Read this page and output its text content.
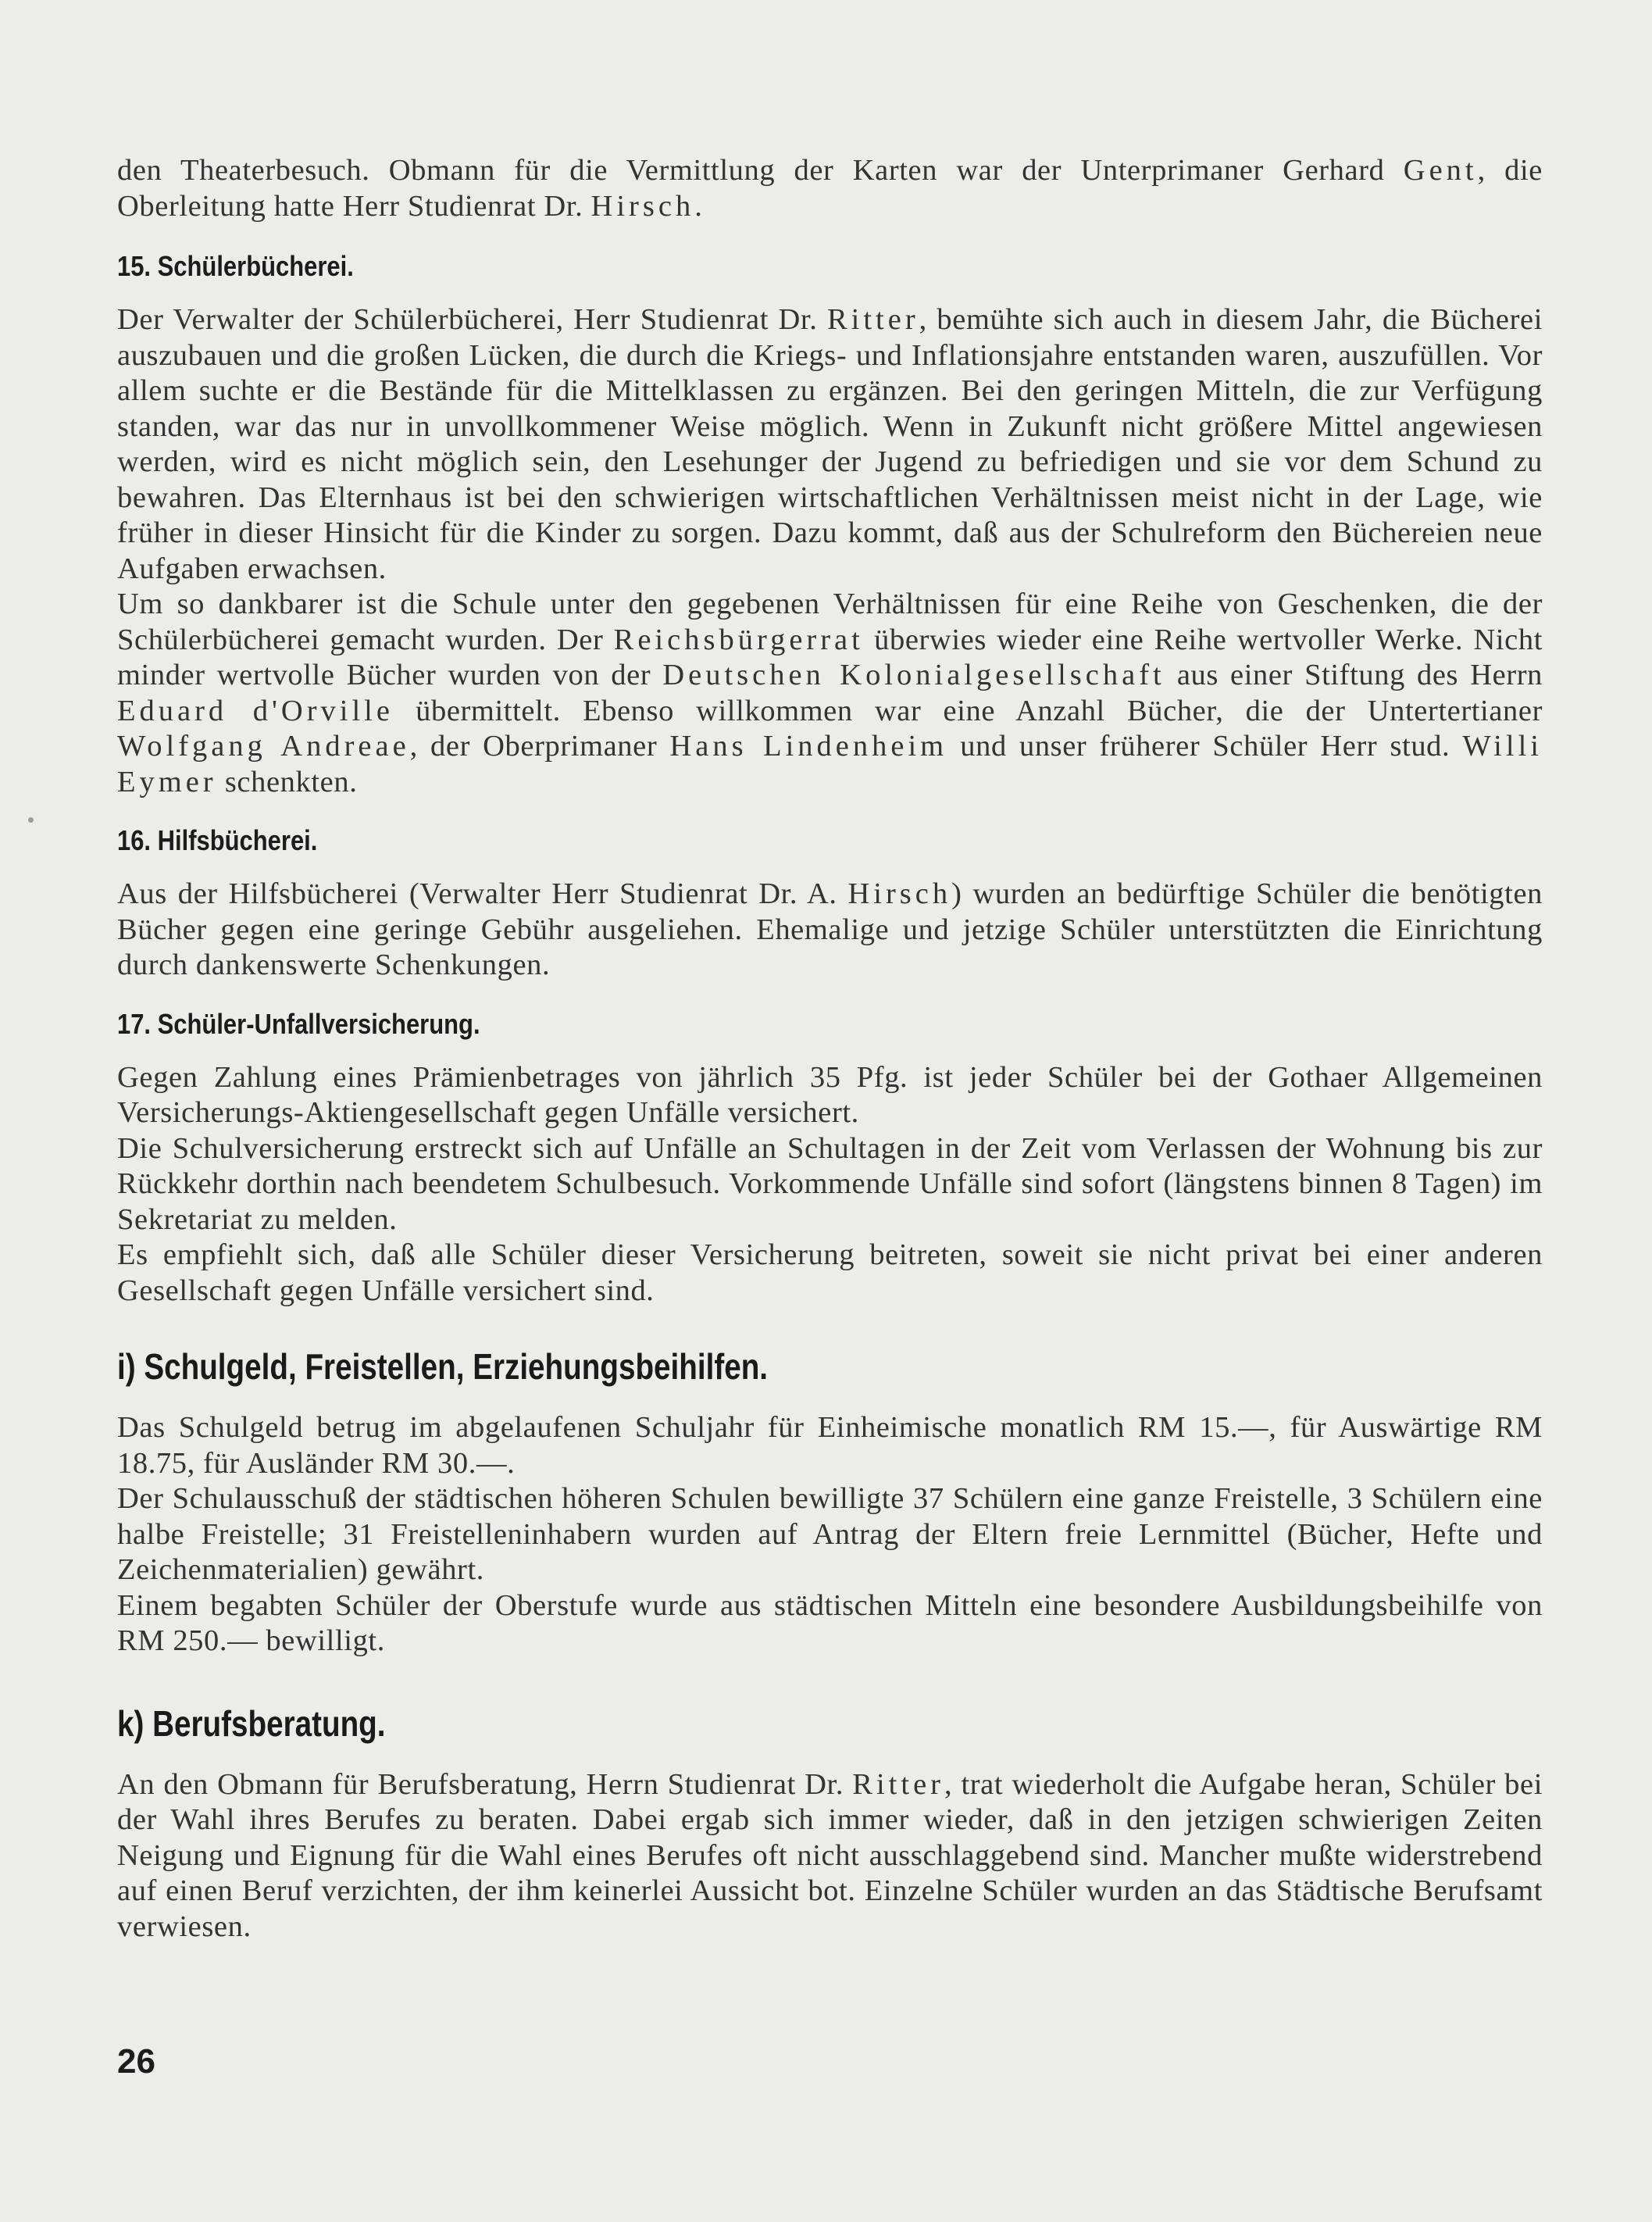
den Theaterbesuch. Obmann für die Vermittlung der Karten war der Unterprimaner Gerhard Gent, die Oberleitung hatte Herr Studienrat Dr. Hirsch.

15. Schülerbücherei.

Der Verwalter der Schülerbücherei, Herr Studienrat Dr. Ritter, bemühte sich auch in diesem Jahr, die Bücherei auszubauen und die großen Lücken, die durch die Kriegs- und Inflationsjahre entstanden waren, auszufüllen. Vor allem suchte er die Bestände für die Mittelklassen zu ergänzen. Bei den geringen Mitteln, die zur Verfügung standen, war das nur in unvollkommener Weise möglich. Wenn in Zukunft nicht größere Mittel angewiesen werden, wird es nicht möglich sein, den Lesehunger der Jugend zu befriedigen und sie vor dem Schund zu bewahren. Das Elternhaus ist bei den schwierigen wirtschaftlichen Verhältnissen meist nicht in der Lage, wie früher in dieser Hinsicht für die Kinder zu sorgen. Dazu kommt, daß aus der Schulreform den Büchereien neue Aufgaben erwachsen.

Um so dankbarer ist die Schule unter den gegebenen Verhältnissen für eine Reihe von Geschenken, die der Schülerbücherei gemacht wurden. Der Reichsbürgerrat überwies wieder eine Reihe wertvoller Werke. Nicht minder wertvolle Bücher wurden von der Deutschen Kolonialgesellschaft aus einer Stiftung des Herrn Eduard d'Orville übermittelt. Ebenso willkommen war eine Anzahl Bücher, die der Untertertianer Wolfgang Andreae, der Oberprimaner Hans Lindenheim und unser früherer Schüler Herr stud. Willi Eymer schenkten.

16. Hilfsbücherei.

Aus der Hilfsbücherei (Verwalter Herr Studienrat Dr. A. Hirsch) wurden an bedürftige Schüler die benötigten Bücher gegen eine geringe Gebühr ausgeliehen. Ehemalige und jetzige Schüler unterstützten die Einrichtung durch dankenswerte Schenkungen.

17. Schüler-Unfallversicherung.

Gegen Zahlung eines Prämienbetrages von jährlich 35 Pfg. ist jeder Schüler bei der Gothaer Allgemeinen Versicherungs-Aktiengesellschaft gegen Unfälle versichert.

Die Schulversicherung erstreckt sich auf Unfälle an Schultagen in der Zeit vom Verlassen der Wohnung bis zur Rückkehr dorthin nach beendetem Schulbesuch. Vorkommende Unfälle sind sofort (längstens binnen 8 Tagen) im Sekretariat zu melden.

Es empfiehlt sich, daß alle Schüler dieser Versicherung beitreten, soweit sie nicht privat bei einer anderen Gesellschaft gegen Unfälle versichert sind.

i) Schulgeld, Freistellen, Erziehungsbeihilfen.

Das Schulgeld betrug im abgelaufenen Schuljahr für Einheimische monatlich RM 15.—, für Auswärtige RM 18.75, für Ausländer RM 30.—.

Der Schulausschuß der städtischen höheren Schulen bewilligte 37 Schülern eine ganze Freistelle, 3 Schülern eine halbe Freistelle; 31 Freistelleninhabern wurden auf Antrag der Eltern freie Lernmittel (Bücher, Hefte und Zeichenmaterialien) gewährt.

Einem begabten Schüler der Oberstufe wurde aus städtischen Mitteln eine besondere Ausbildungsbeihilfe von RM 250.— bewilligt.

k) Berufsberatung.

An den Obmann für Berufsberatung, Herrn Studienrat Dr. Ritter, trat wiederholt die Aufgabe heran, Schüler bei der Wahl ihres Berufes zu beraten. Dabei ergab sich immer wieder, daß in den jetzigen schwierigen Zeiten Neigung und Eignung für die Wahl eines Berufes oft nicht ausschlaggebend sind. Mancher mußte widerstrebend auf einen Beruf verzichten, der ihm keinerlei Aussicht bot. Einzelne Schüler wurden an das Städtische Berufsamt verwiesen.

26
